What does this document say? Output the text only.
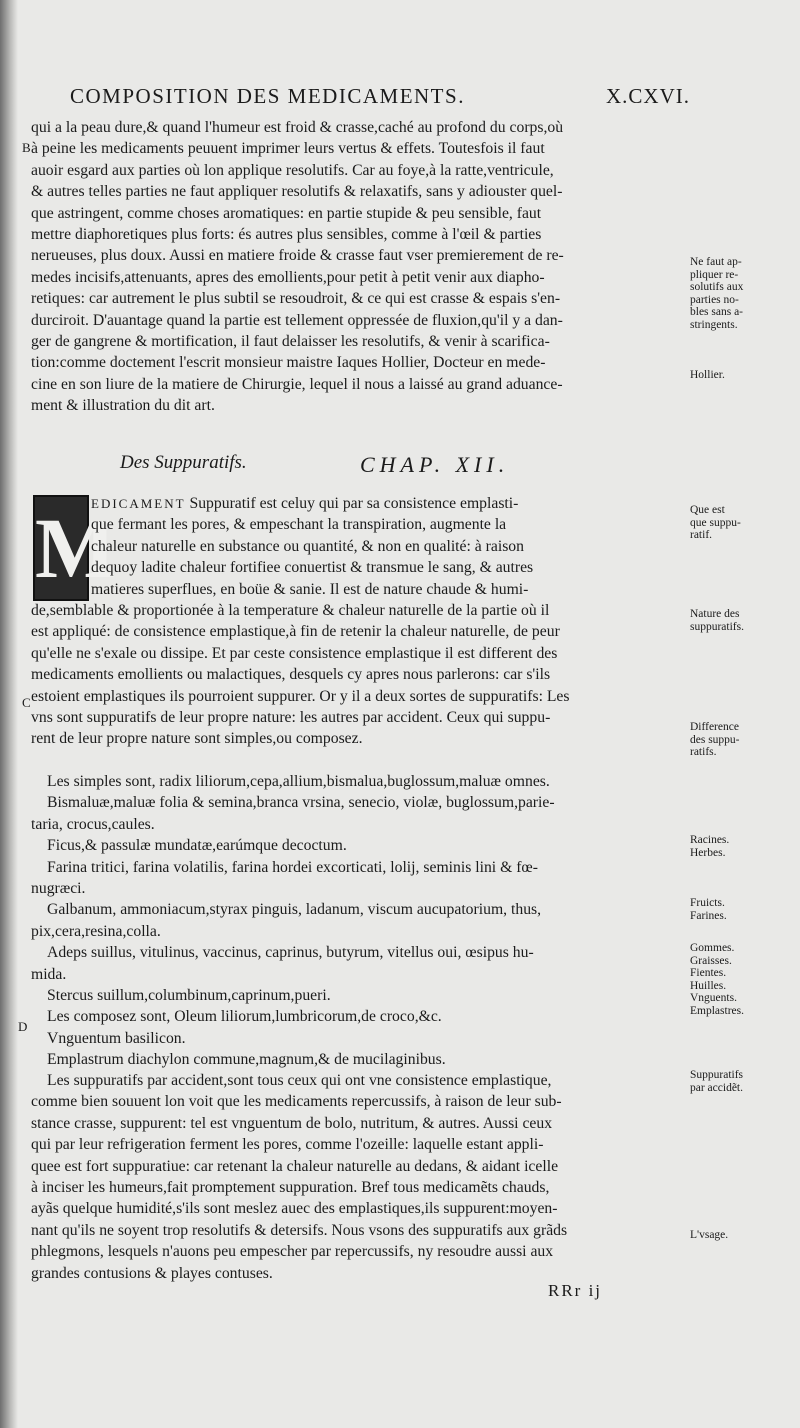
COMPOSITION DES MEDICAMENTS.	X.CXVI.
qui a la peau dure,& quand l'humeur est froid & crasse,caché au profond du corps,où
à peine les medicaments peuuent imprimer leurs vertus & effets. Toutesfois il faut
auoir esgard aux parties où lon applique resolutifs. Car au foye,à la ratte,ventricule,
& autres telles parties ne faut appliquer resolutifs & relaxatifs, sans y adiouster quel-
que astringent, comme choses aromatiques: en partie stupide & peu sensible, faut
mettre diaphoretiques plus forts: és autres plus sensibles, comme à l'œil & parties
nerueuses, plus doux. Aussi en matiere froide & crasse faut vser premierement de re-
medes incisifs,attenuants, apres des emollients,pour petit à petit venir aux diapho-
retiques: car autrement le plus subtil se resoudroit, & ce qui est crasse & espais s'en-
durciroit. D'auantage quand la partie est tellement oppressée de fluxion,qu'il y a dan-
ger de gangrene & mortification, il faut delaisser les resolutifs, & venir à scarifica-
tion:comme doctement l'escrit monsieur maistre Iaques Hollier, Docteur en mede-
cine en son liure de la matiere de Chirurgie, lequel il nous a laissé au grand aduance-
ment & illustration du dit art.
Des Suppuratifs.	CHAP. XII.
M
EDICAMENT Suppuratif est celuy qui par sa consistence emplasti-
que fermant les pores, & empeschant la transpiration, augmente la
chaleur naturelle en substance ou quantité, & non en qualité: à raison
dequoy ladite chaleur fortifiee conuertist & transmue le sang, & autres
matieres superflues, en boüe & sanie. Il est de nature chaude & humi-
de,semblable & proportionée à la temperature & chaleur naturelle de la partie où il
est appliqué: de consistence emplastique,à fin de retenir la chaleur naturelle, de peur
qu'elle ne s'exale ou dissipe. Et par ceste consistence emplastique il est different des
medicaments emollients ou malactiques, desquels cy apres nous parlerons: car s'ils
estoient emplastiques ils pourroient suppurer. Or y il a deux sortes de suppuratifs: Les
vns sont suppuratifs de leur propre nature: les autres par accident. Ceux qui suppu-
rent de leur propre nature sont simples,ou composez.
Les simples sont, radix liliorum,cepa,allium,bismalua,buglossum,maluæ omnes.
Bismaluæ,maluæ folia & semina,branca vrsina, senecio, violæ, buglossum,parie-
taria, crocus,caules.
Ficus,& passulæ mundatæ,earúmque decoctum.
Farina tritici, farina volatilis, farina hordei excorticati, lolij, seminis lini & fœ-
nugræci.
Galbanum, ammoniacum,styrax pinguis, ladanum, viscum aucupatorium, thus,
pix,cera,resina,colla.
Adeps suillus, vitulinus, vaccinus, caprinus, butyrum, vitellus oui, œsipus hu-
mida.
Stercus suillum,columbinum,caprinum,pueri.
Les composez sont, Oleum liliorum,lumbricorum,de croco,&c.
Vnguentum basilicon.
Emplastrum diachylon commune,magnum,& de mucilaginibus.
Les suppuratifs par accident,sont tous ceux qui ont vne consistence emplastique,
comme bien souuent lon voit que les medicaments repercussifs, à raison de leur sub-
stance crasse, suppurent: tel est vnguentum de bolo, nutritum, & autres. Aussi ceux
qui par leur refrigeration ferment les pores, comme l'ozeille: laquelle estant appli-
quee est fort suppuratiue: car retenant la chaleur naturelle au dedans, & aidant icelle
à inciser les humeurs,fait promptement suppuration. Bref tous medicamẽts chauds,
ayãs quelque humidité,s'ils sont meslez auec des emplastiques,ils suppurent:moyen-
nant qu'ils ne soyent trop resolutifs & detersifs. Nous vsons des suppuratifs aux grãds
phlegmons, lesquels n'auons peu empescher par repercussifs, ny resoudre aussi aux
grandes contusions & playes contuses.
Ne faut ap-
pliquer re-
solutifs aux
parties no-
bles sans a-
stringents.
Hollier.
Que est
que suppu-
ratif.
Nature des
suppuratifs.
Difference
des suppu-
ratifs.
Racines.
Herbes.
Fruicts.
Farines.
Gommes.
Graisses.
Fientes.
Huilles.
Vnguents.
Emplastres.
Suppuratifs
par accidẽt.
L'vsage.
B
C
D
RRr ij
